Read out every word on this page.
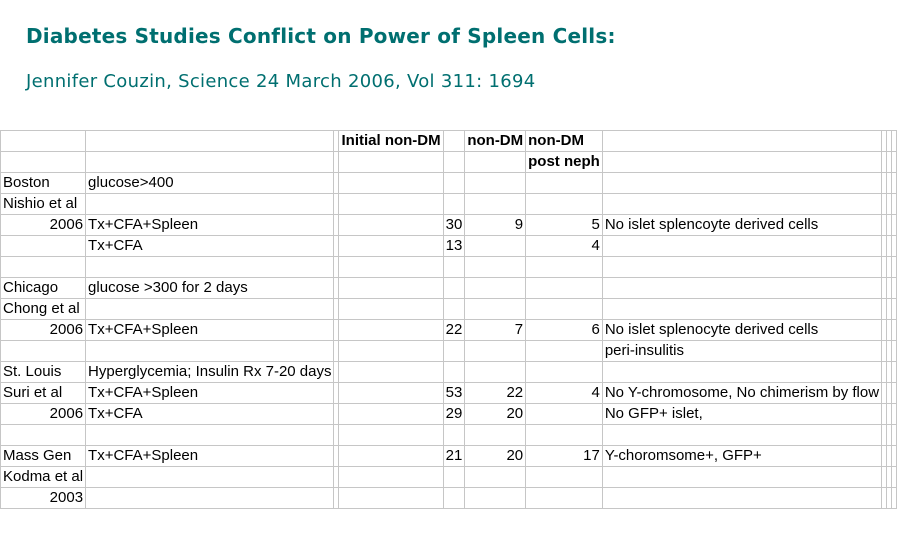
Diabetes Studies Conflict on Power of Spleen Cells:

Jennifer Couzin, Science 24 March 2006, Vol 311: 1694

			Initial non-DM		non-DM	non-DM				
						post neph				
Boston	glucose>400									
Nishio et al										
2006	Tx+CFA+Spleen			30	9	5	No islet splencoyte derived cells			
	Tx+CFA			13		4				

Chicago	glucose >300 for 2 days									
Chong et al										
2006	Tx+CFA+Spleen			22	7	6	No islet splenocyte derived cells			
							peri-insulitis			
St. Louis	Hyperglycemia; Insulin Rx 7-20 days									
Suri et al	Tx+CFA+Spleen			53	22	4	No Y-chromosome, No chimerism by flow			
2006	Tx+CFA			29	20		No GFP+ islet,			

Mass Gen	Tx+CFA+Spleen			21	20	17	Y-choromsome+, GFP+			
Kodma et al										
2003										
